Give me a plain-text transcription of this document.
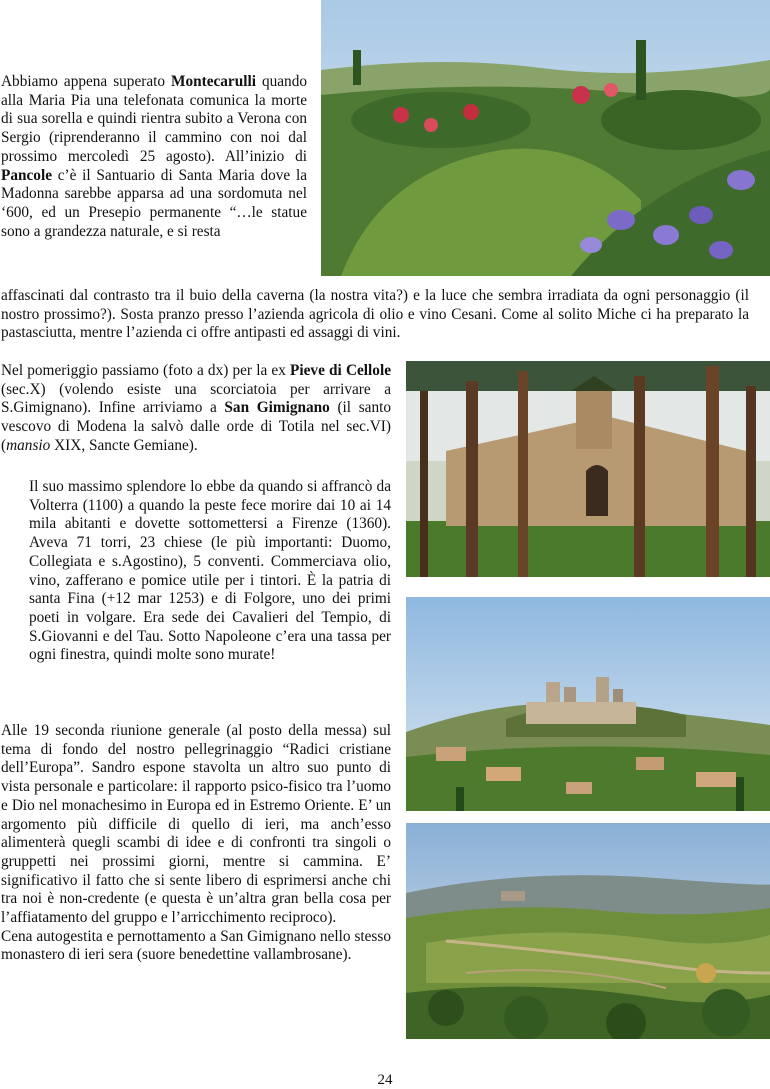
Abbiamo appena superato Montecarulli quando alla Maria Pia una telefonata comunica la morte di sua sorella e quindi rientra subito a Verona con Sergio (riprenderanno il cammino con noi dal prossimo mercoledì 25 agosto). All’inizio di Pancole c’è il Santuario di Santa Maria dove la Madonna sarebbe apparsa ad una sordomuta nel ‘600, ed un Presepio permanente “…le statue sono a grandezza naturale, e si resta

affascinati dal contrasto tra il buio della caverna (la nostra vita?) e la luce che sembra irradiata da ogni personaggio (il nostro prossimo?). Sosta pranzo presso l’azienda agricola di olio e vino Cesani. Come al solito Miche ci ha preparato la pastasciutta, mentre l’azienda ci offre antipasti ed assaggi di vini.

Nel pomeriggio passiamo (foto a dx) per la ex Pieve di Cellole (sec.X) (volendo esiste una scorciatoia per arrivare a S.Gimignano). Infine arriviamo a San Gimignano (il santo vescovo di Modena la salvò dalle orde di Totila nel sec.VI) (mansio XIX, Sancte Gemiane).

Il suo massimo splendore lo ebbe da quando si affrancò da Volterra (1100) a quando la peste fece morire dai 10 ai 14 mila abitanti e dovette sottomettersi a Firenze (1360). Aveva 71 torri, 23 chiese (le più importanti: Duomo, Collegiata e s.Agostino), 5 conventi. Commerciava olio, vino, zafferano e pomice utile per i tintori. È la patria di santa Fina (+12 mar 1253) e di Folgore, uno dei primi poeti in volgare. Era sede dei Cavalieri del Tempio, di S.Giovanni e del Tau. Sotto Napoleone c’era una tassa per ogni finestra, quindi molte sono murate!

Alle 19 seconda riunione generale (al posto della messa) sul tema di fondo del nostro pellegrinaggio “Radici cristiane dell’Europa”. Sandro espone stavolta un altro suo punto di vista personale e particolare: il rapporto psico-fisico tra l’uomo e Dio nel monachesimo in Europa ed in Estremo Oriente. E’ un argomento più difficile di quello di ieri, ma anch’esso alimenterà quegli scambi di idee e di confronti tra singoli o gruppetti nei prossimi giorni, mentre si cammina. E’ significativo il fatto che si sente libero di esprimersi anche chi tra noi è non-credente (e questa è un’altra gran bella cosa per l’affiatamento del gruppo e l’arricchimento reciproco).

Cena autogestita e pernottamento a San Gimignano nello stesso monastero di ieri sera (suore benedettine vallambrosane).

24
